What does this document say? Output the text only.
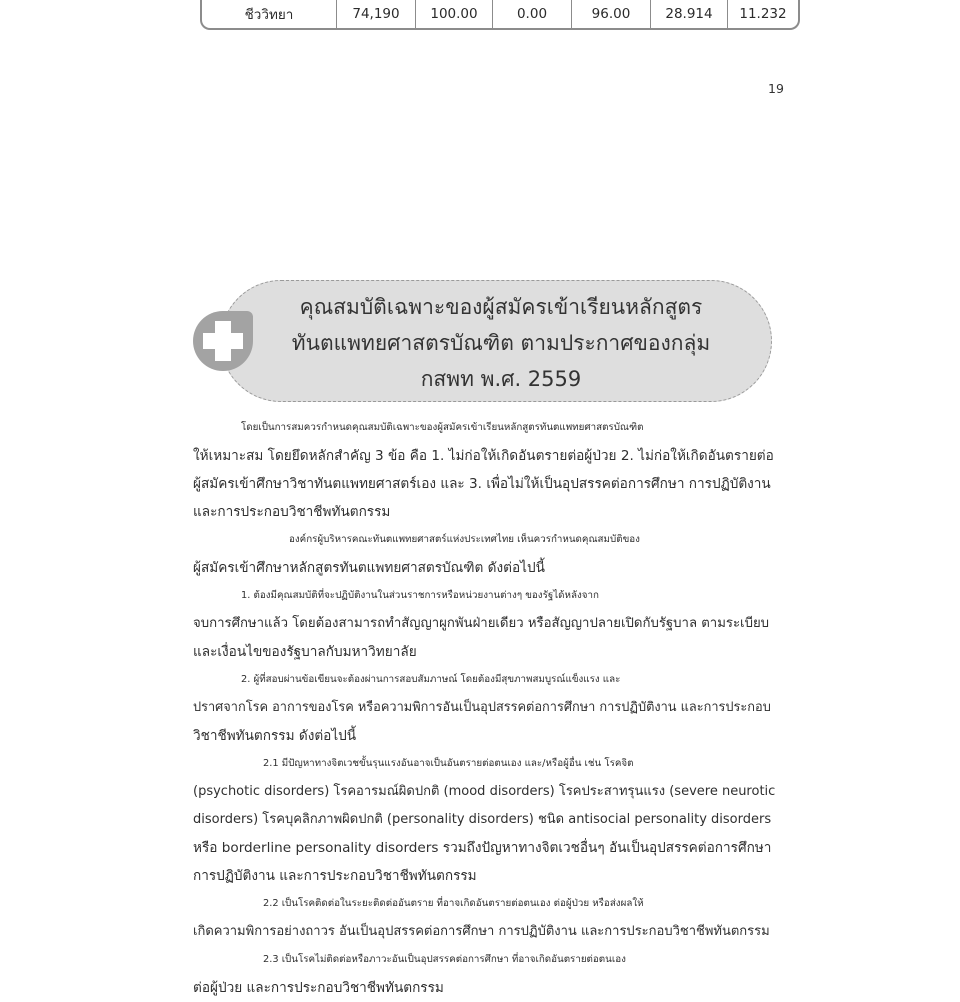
ชีววิทยา	74,190	100.00	0.00	96.00	28.914	11.232
19
คุณสมบัติเฉพาะของผู้สมัครเข้าเรียนหลักสูตร
ทันตแพทยศาสตรบัณฑิต ตามประกาศของกลุ่ม
กสพท พ.ศ. 2559

โดยเป็นการสมควรกำหนดคุณสมบัติเฉพาะของผู้สมัครเข้าเรียนหลักสูตรทันตแพทยศาสตรบัณฑิต
ให้เหมาะสม โดยยึดหลักสำคัญ 3 ข้อ คือ 1. ไม่ก่อให้เกิดอันตรายต่อผู้ป่วย 2. ไม่ก่อให้เกิดอันตรายต่อ
ผู้สมัครเข้าศึกษาวิชาทันตแพทยศาสตร์เอง และ 3. เพื่อไม่ให้เป็นอุปสรรคต่อการศึกษา การปฏิบัติงาน
และการประกอบวิชาชีพทันตกรรม

องค์กรผู้บริหารคณะทันตแพทยศาสตร์แห่งประเทศไทย เห็นควรกำหนดคุณสมบัติของ
ผู้สมัครเข้าศึกษาหลักสูตรทันตแพทยศาสตรบัณฑิต ดังต่อไปนี้

1. ต้องมีคุณสมบัติที่จะปฏิบัติงานในส่วนราชการหรือหน่วยงานต่างๆ ของรัฐได้หลังจาก
จบการศึกษาแล้ว โดยต้องสามารถทำสัญญาผูกพันฝ่ายเดียว หรือสัญญาปลายเปิดกับรัฐบาล ตามระเบียบ
และเงื่อนไขของรัฐบาลกับมหาวิทยาลัย

2. ผู้ที่สอบผ่านข้อเขียนจะต้องผ่านการสอบสัมภาษณ์ โดยต้องมีสุขภาพสมบูรณ์แข็งแรง และ
ปราศจากโรค อาการของโรค หรือความพิการอันเป็นอุปสรรคต่อการศึกษา การปฏิบัติงาน และการประกอบ
วิชาชีพทันตกรรม ดังต่อไปนี้

2.1 มีปัญหาทางจิตเวชขั้นรุนแรงอันอาจเป็นอันตรายต่อตนเอง และ/หรือผู้อื่น เช่น โรคจิต
(psychotic disorders) โรคอารมณ์ผิดปกติ (mood disorders) โรคประสาทรุนแรง (severe neurotic
disorders) โรคบุคลิกภาพผิดปกติ (personality disorders) ชนิด antisocial personality disorders
หรือ borderline personality disorders รวมถึงปัญหาทางจิตเวชอื่นๆ อันเป็นอุปสรรคต่อการศึกษา
การปฏิบัติงาน และการประกอบวิชาชีพทันตกรรม

2.2 เป็นโรคติดต่อในระยะติดต่ออันตราย ที่อาจเกิดอันตรายต่อตนเอง ต่อผู้ป่วย หรือส่งผลให้
เกิดความพิการอย่างถาวร อันเป็นอุปสรรคต่อการศึกษา การปฏิบัติงาน และการประกอบวิชาชีพทันตกรรม

2.3 เป็นโรคไม่ติดต่อหรือภาวะอันเป็นอุปสรรคต่อการศึกษา ที่อาจเกิดอันตรายต่อตนเอง
ต่อผู้ป่วย และการประกอบวิชาชีพทันตกรรม
